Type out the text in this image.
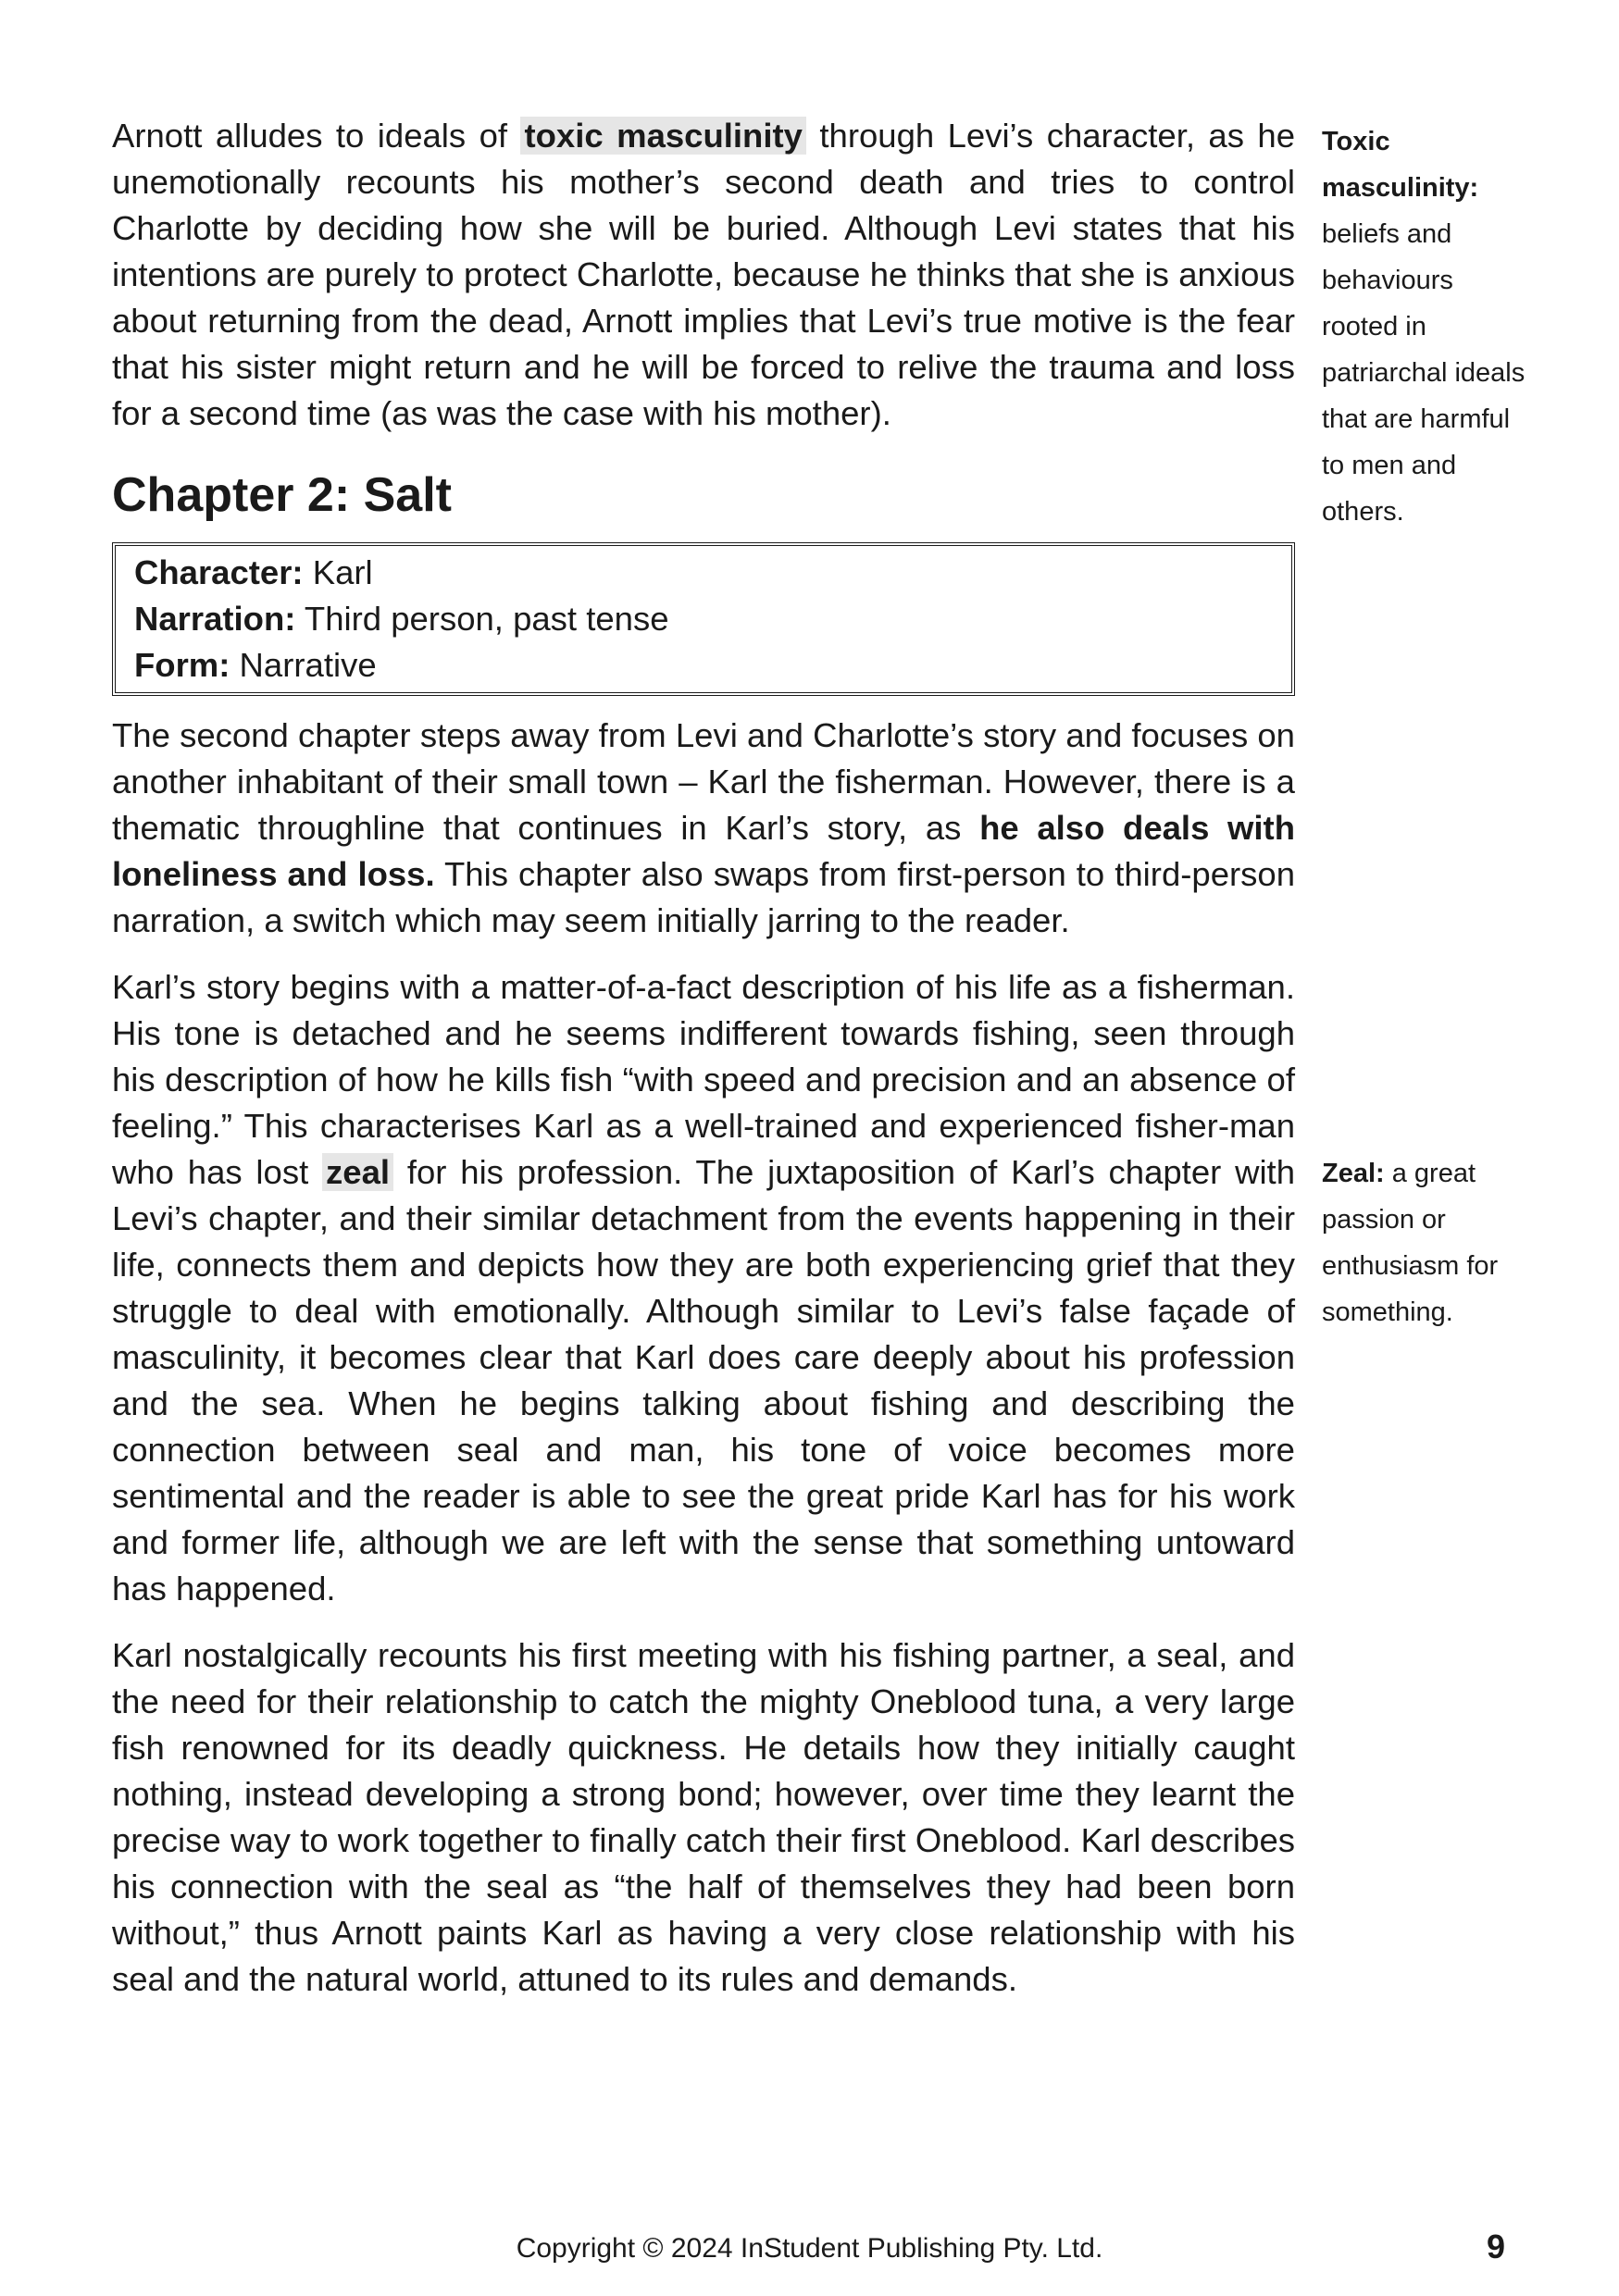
Arnott alludes to ideals of toxic masculinity through Levi’s character, as he unemotionally recounts his mother’s second death and tries to control Charlotte by deciding how she will be buried. Although Levi states that his intentions are purely to protect Charlotte, because he thinks that she is anxious about returning from the dead, Arnott implies that Levi’s true motive is the fear that his sister might return and he will be forced to relive the trauma and loss for a second time (as was the case with his mother).

Chapter 2: Salt
Character: Karl
Narration: Third person, past tense
Form: Narrative

The second chapter steps away from Levi and Charlotte’s story and focuses on another inhabitant of their small town – Karl the fisherman. However, there is a thematic throughline that continues in Karl’s story, as he also deals with loneliness and loss. This chapter also swaps from first-person to third-person narration, a switch which may seem initially jarring to the reader.

Karl’s story begins with a matter-of-a-fact description of his life as a fisherman. His tone is detached and he seems indifferent towards fishing, seen through his description of how he kills fish “with speed and precision and an absence of feeling.” This characterises Karl as a well-trained and experienced fisher-man who has lost zeal for his profession. The juxtaposition of Karl’s chapter with Levi’s chapter, and their similar detachment from the events happening in their life, connects them and depicts how they are both experiencing grief that they struggle to deal with emotionally. Although similar to Levi’s false façade of masculinity, it becomes clear that Karl does care deeply about his profession and the sea. When he begins talking about fishing and describing the connection between seal and man, his tone of voice becomes more sentimental and the reader is able to see the great pride Karl has for his work and former life, although we are left with the sense that something untoward has happened.

Karl nostalgically recounts his first meeting with his fishing partner, a seal, and the need for their relationship to catch the mighty Oneblood tuna, a very large fish renowned for its deadly quickness. He details how they initially caught nothing, instead developing a strong bond; however, over time they learnt the precise way to work together to finally catch their first Oneblood. Karl describes his connection with the seal as “the half of themselves they had been born without,” thus Arnott paints Karl as having a very close relationship with his seal and the natural world, attuned to its rules and demands.

Toxic masculinity: beliefs and behaviours rooted in patriarchal ideals that are harmful to men and others.
Zeal: a great passion or enthusiasm for something.
Copyright © 2024 InStudent Publishing Pty. Ltd.	9
